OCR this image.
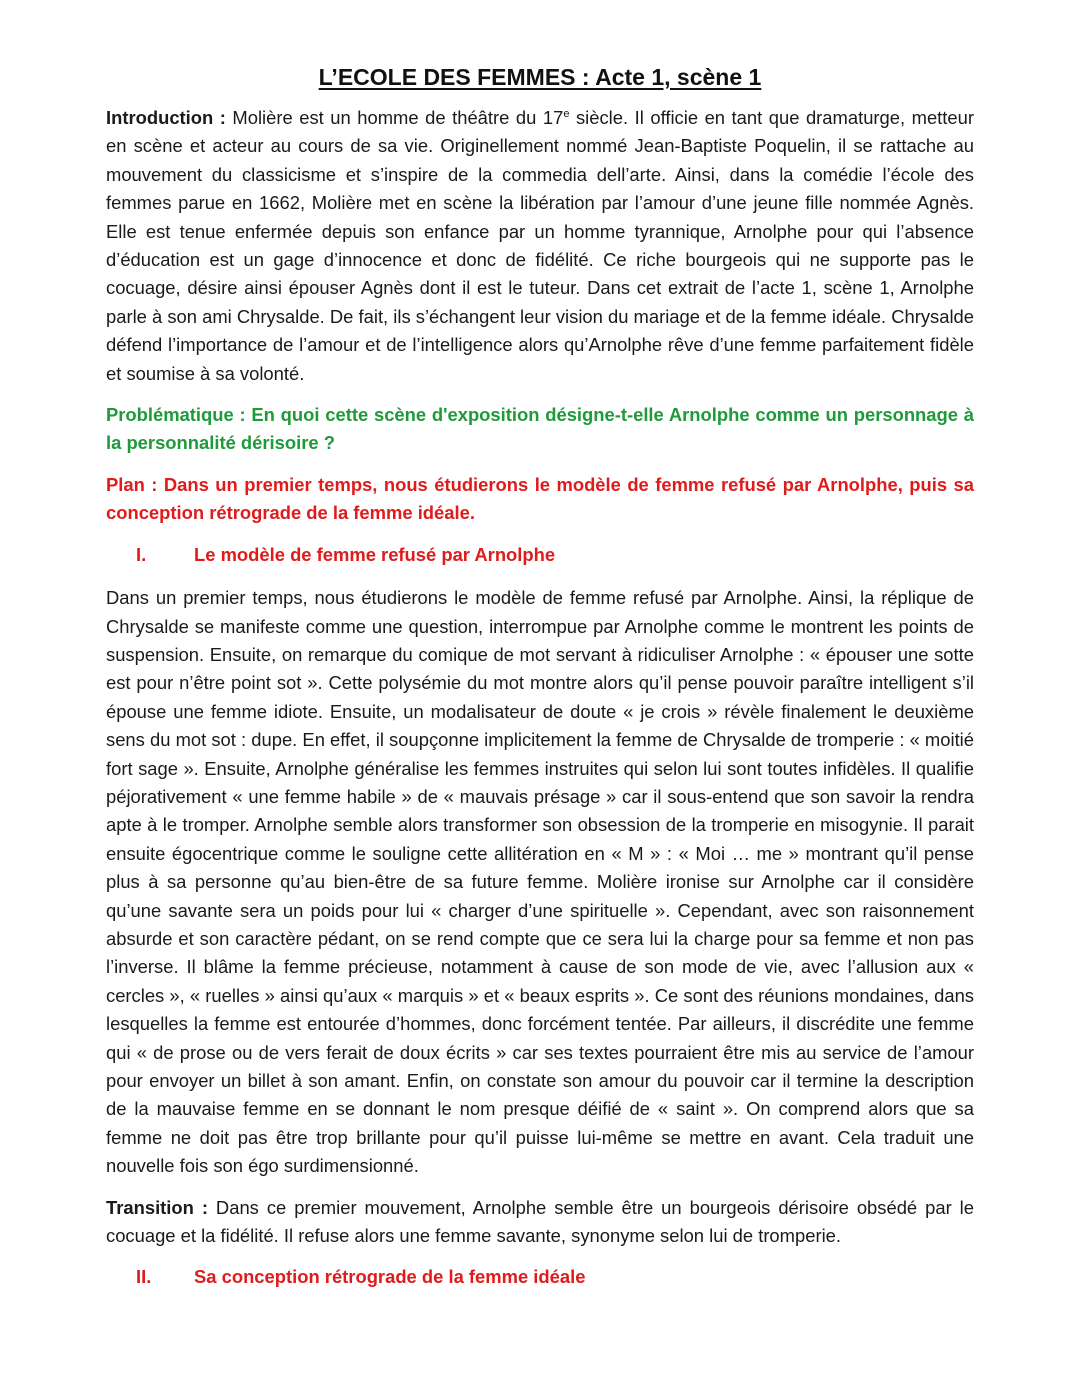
L’ECOLE DES FEMMES : Acte 1, scène 1

Introduction : Molière est un homme de théâtre du 17e siècle. Il officie en tant que dramaturge, metteur en scène et acteur au cours de sa vie. Originellement nommé Jean-Baptiste Poquelin, il se rattache au mouvement du classicisme et s’inspire de la commedia dell’arte. Ainsi, dans la comédie l’école des femmes parue en 1662, Molière met en scène la libération par l’amour d’une jeune fille nommée Agnès. Elle est tenue enfermée depuis son enfance par un homme tyrannique, Arnolphe pour qui l’absence d’éducation est un gage d’innocence et donc de fidélité. Ce riche bourgeois qui ne supporte pas le cocuage, désire ainsi épouser Agnès dont il est le tuteur. Dans cet extrait de l’acte 1, scène 1, Arnolphe parle à son ami Chrysalde. De fait, ils s’échangent leur vision du mariage et de la femme idéale. Chrysalde défend l’importance de l’amour et de l’intelligence alors qu’Arnolphe rêve d’une femme parfaitement fidèle et soumise à sa volonté.

Problématique : En quoi cette scène d'exposition désigne-t-elle Arnolphe comme un personnage à la personnalité dérisoire ?

Plan : Dans un premier temps, nous étudierons le modèle de femme refusé par Arnolphe, puis sa conception rétrograde de la femme idéale.

I.	Le modèle de femme refusé par Arnolphe

Dans un premier temps, nous étudierons le modèle de femme refusé par Arnolphe. Ainsi, la réplique de Chrysalde se manifeste comme une question, interrompue par Arnolphe comme le montrent les points de suspension. Ensuite, on remarque du comique de mot servant à ridiculiser Arnolphe : « épouser une sotte est pour n’être point sot ». Cette polysémie du mot montre alors qu’il pense pouvoir paraître intelligent s’il épouse une femme idiote. Ensuite, un modalisateur de doute « je crois » révèle finalement le deuxième sens du mot sot : dupe. En effet, il soupçonne implicitement la femme de Chrysalde de tromperie : « moitié fort sage ». Ensuite, Arnolphe généralise les femmes instruites qui selon lui sont toutes infidèles. Il qualifie péjorativement « une femme habile » de « mauvais présage » car il sous-entend que son savoir la rendra apte à le tromper. Arnolphe semble alors transformer son obsession de la tromperie en misogynie. Il parait ensuite égocentrique comme le souligne cette allitération en « M » : « Moi … me » montrant qu’il pense plus à sa personne qu’au bien-être de sa future femme. Molière ironise sur Arnolphe car il considère qu’une savante sera un poids pour lui « charger d’une spirituelle ». Cependant, avec son raisonnement absurde et son caractère pédant, on se rend compte que ce sera lui la charge pour sa femme et non pas l’inverse. Il blâme la femme précieuse, notamment à cause de son mode de vie, avec l’allusion aux « cercles », « ruelles » ainsi qu’aux « marquis » et « beaux esprits ». Ce sont des réunions mondaines, dans lesquelles la femme est entourée d’hommes, donc forcément tentée. Par ailleurs, il discrédite une femme qui « de prose ou de vers ferait de doux écrits » car ses textes pourraient être mis au service de l’amour pour envoyer un billet à son amant. Enfin, on constate son amour du pouvoir car il termine la description de la mauvaise femme en se donnant le nom presque déifié de « saint ». On comprend alors que sa femme ne doit pas être trop brillante pour qu’il puisse lui-même se mettre en avant. Cela traduit une nouvelle fois son égo surdimensionné.

Transition : Dans ce premier mouvement, Arnolphe semble être un bourgeois dérisoire obsédé par le cocuage et la fidélité. Il refuse alors une femme savante, synonyme selon lui de tromperie.

II.	Sa conception rétrograde de la femme idéale
